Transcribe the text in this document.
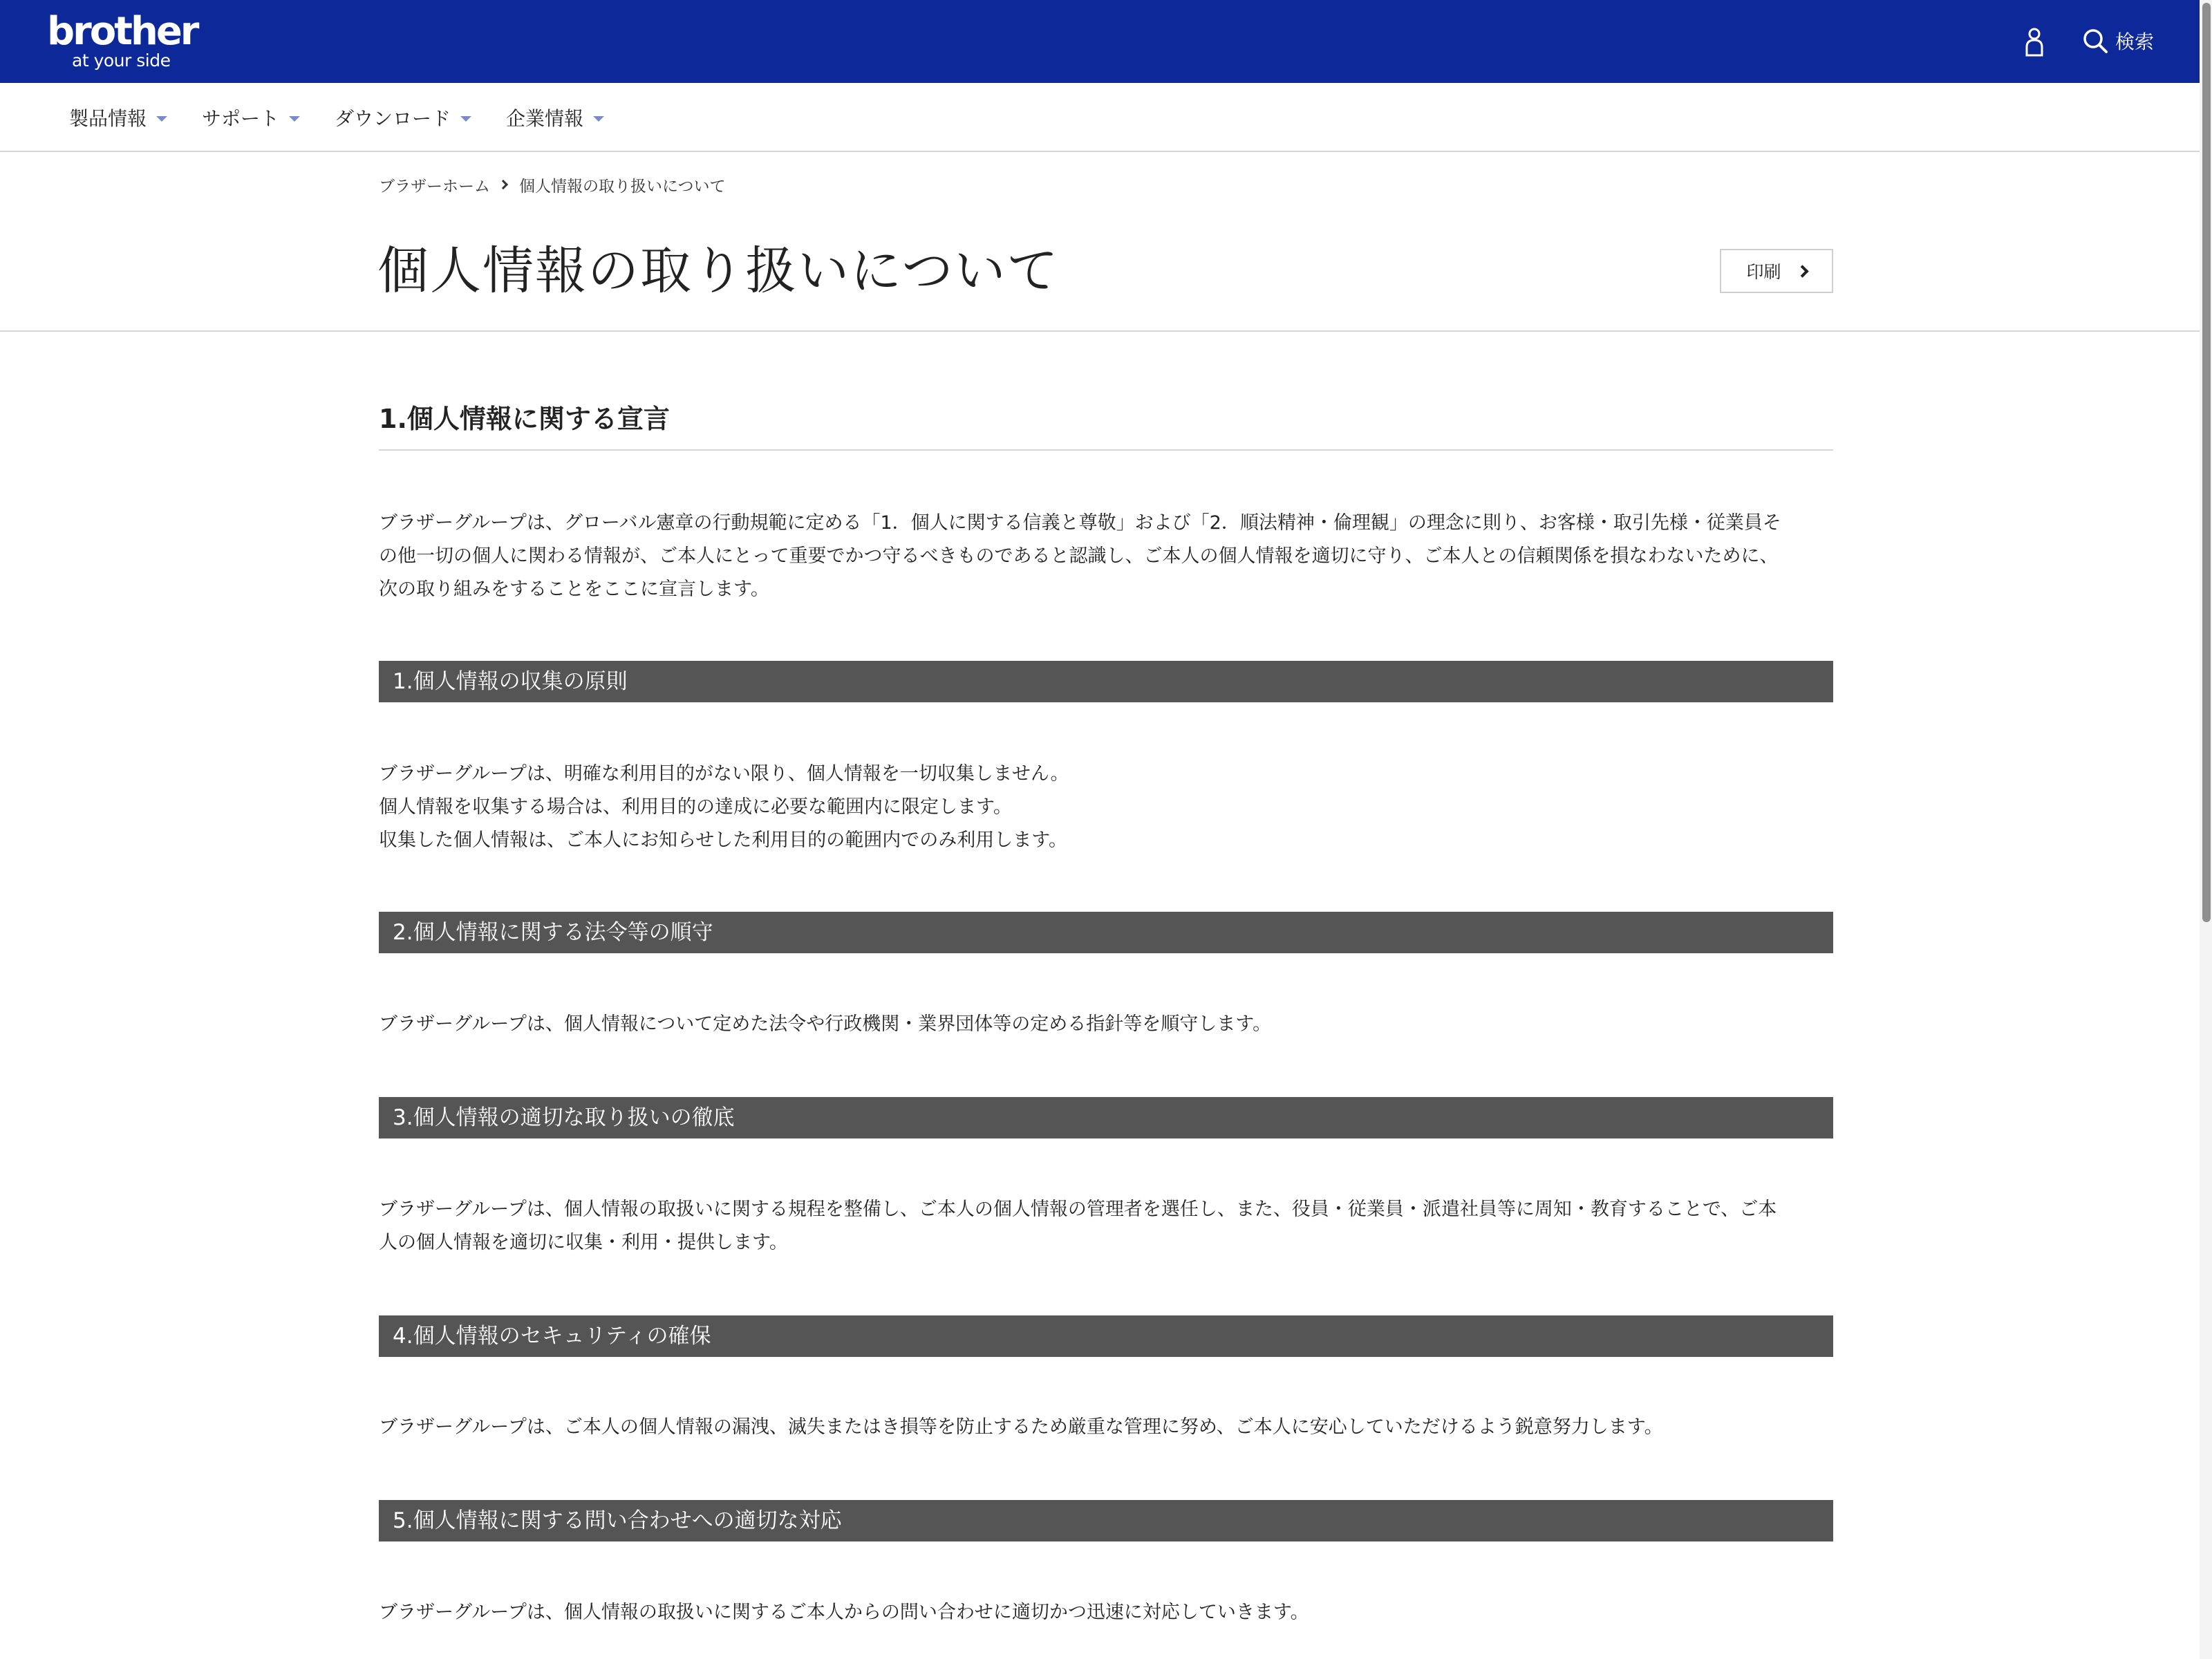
brother
at your side
検索
製品情報	サポート	ダウンロード	企業情報
ブラザーホーム 個人情報の取り扱いについて
個人情報の取り扱いについて	印刷
1.個人情報に関する宣言
ブラザーグループは、グローバル憲章の行動規範に定める「1．個人に関する信義と尊敬」および「2．順法精神・倫理観」の理念に則り、お客様・取引先様・従業員そ
の他一切の個人に関わる情報が、ご本人にとって重要でかつ守るべきものであると認識し、ご本人の個人情報を適切に守り、ご本人との信頼関係を損なわないために、
次の取り組みをすることをここに宣言します。
1.個人情報の収集の原則
ブラザーグループは、明確な利用目的がない限り、個人情報を一切収集しません。
個人情報を収集する場合は、利用目的の達成に必要な範囲内に限定します。
収集した個人情報は、ご本人にお知らせした利用目的の範囲内でのみ利用します。
2.個人情報に関する法令等の順守
ブラザーグループは、個人情報について定めた法令や行政機関・業界団体等の定める指針等を順守します。
3.個人情報の適切な取り扱いの徹底
ブラザーグループは、個人情報の取扱いに関する規程を整備し、ご本人の個人情報の管理者を選任し、また、役員・従業員・派遣社員等に周知・教育することで、ご本
人の個人情報を適切に収集・利用・提供します。
4.個人情報のセキュリティの確保
ブラザーグループは、ご本人の個人情報の漏洩、滅失またはき損等を防止するため厳重な管理に努め、ご本人に安心していただけるよう鋭意努力します。
5.個人情報に関する問い合わせへの適切な対応
ブラザーグループは、個人情報の取扱いに関するご本人からの問い合わせに適切かつ迅速に対応していきます。
